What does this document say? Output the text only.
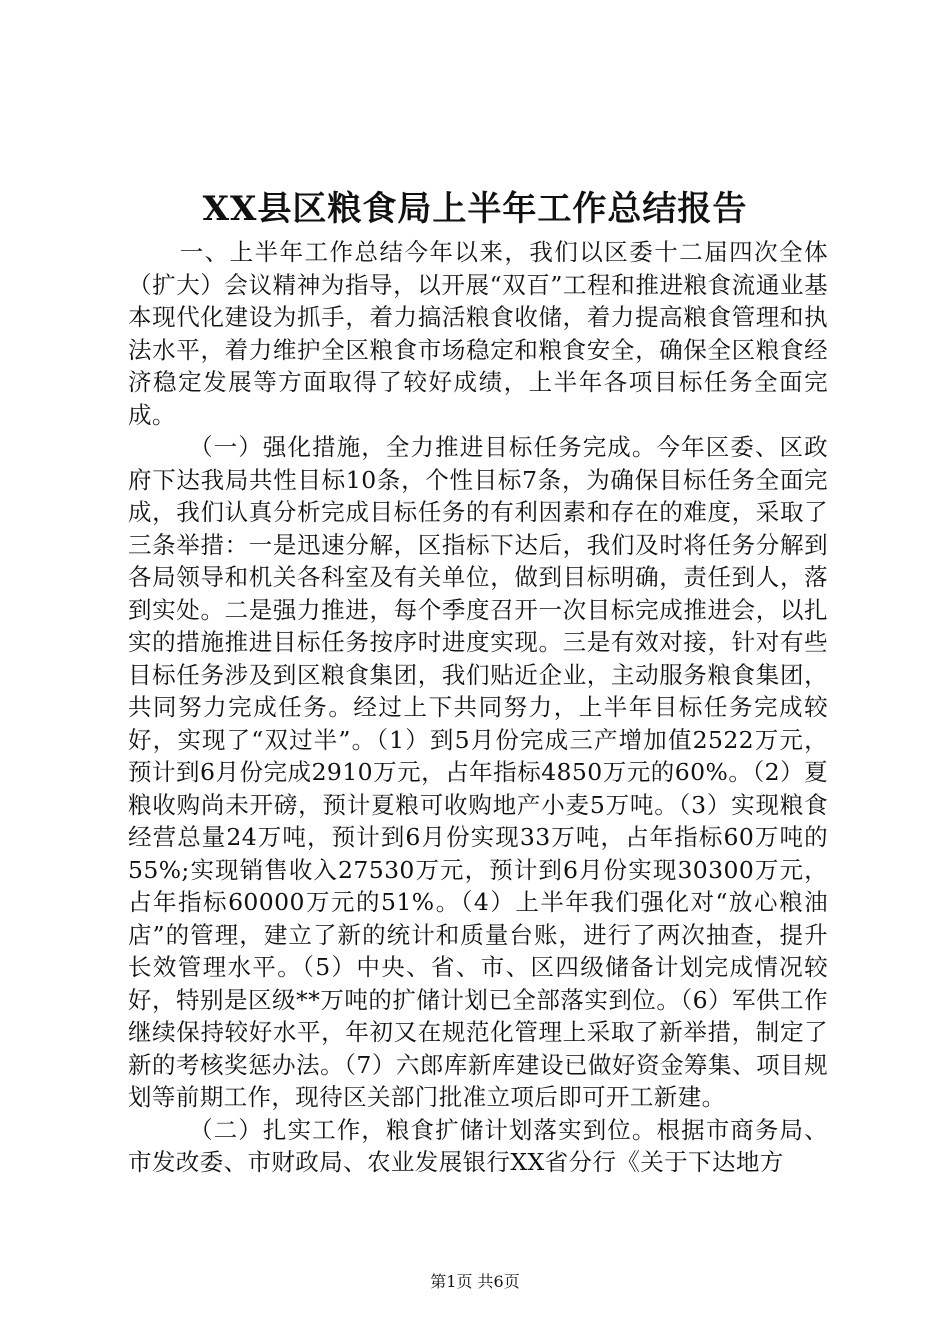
XX县区粮食局上半年工作总结报告

一、上半年工作总结今年以来，我们以区委十二届四次全体（扩大）会议精神为指导，以开展“双百”工程和推进粮食流通业基本现代化建设为抓手，着力搞活粮食收储，着力提高粮食管理和执法水平，着力维护全区粮食市场稳定和粮食安全，确保全区粮食经济稳定发展等方面取得了较好成绩，上半年各项目标任务全面完成。

（一）强化措施，全力推进目标任务完成。今年区委、区政府下达我局共性目标10条，个性目标7条，为确保目标任务全面完成，我们认真分析完成目标任务的有利因素和存在的难度，采取了三条举措：一是迅速分解，区指标下达后，我们及时将任务分解到各局领导和机关各科室及有关单位，做到目标明确，责任到人，落到实处。二是强力推进，每个季度召开一次目标完成推进会，以扎实的措施推进目标任务按序时进度实现。三是有效对接，针对有些目标任务涉及到区粮食集团，我们贴近企业，主动服务粮食集团，共同努力完成任务。经过上下共同努力，上半年目标任务完成较好，实现了“双过半”。（1）到5月份完成三产增加值2522万元，预计到6月份完成2910万元，占年指标4850万元的60%。（2）夏粮收购尚未开磅，预计夏粮可收购地产小麦5万吨。（3）实现粮食经营总量24万吨，预计到6月份实现33万吨，占年指标60万吨的55%;实现销售收入27530万元，预计到6月份实现30300万元，占年指标60000万元的51%。（4）上半年我们强化对“放心粮油店”的管理，建立了新的统计和质量台账，进行了两次抽查，提升长效管理水平。（5）中央、省、市、区四级储备计划完成情况较好，特别是区级**万吨的扩储计划已全部落实到位。（6）军供工作继续保持较好水平，年初又在规范化管理上采取了新举措，制定了新的考核奖惩办法。（7）六郎库新库建设已做好资金筹集、项目规划等前期工作，现待区关部门批准立项后即可开工新建。

（二）扎实工作，粮食扩储计划落实到位。根据市商务局、市发改委、市财政局、农业发展银行XX省分行《关于下达地方

第1页 共6页
